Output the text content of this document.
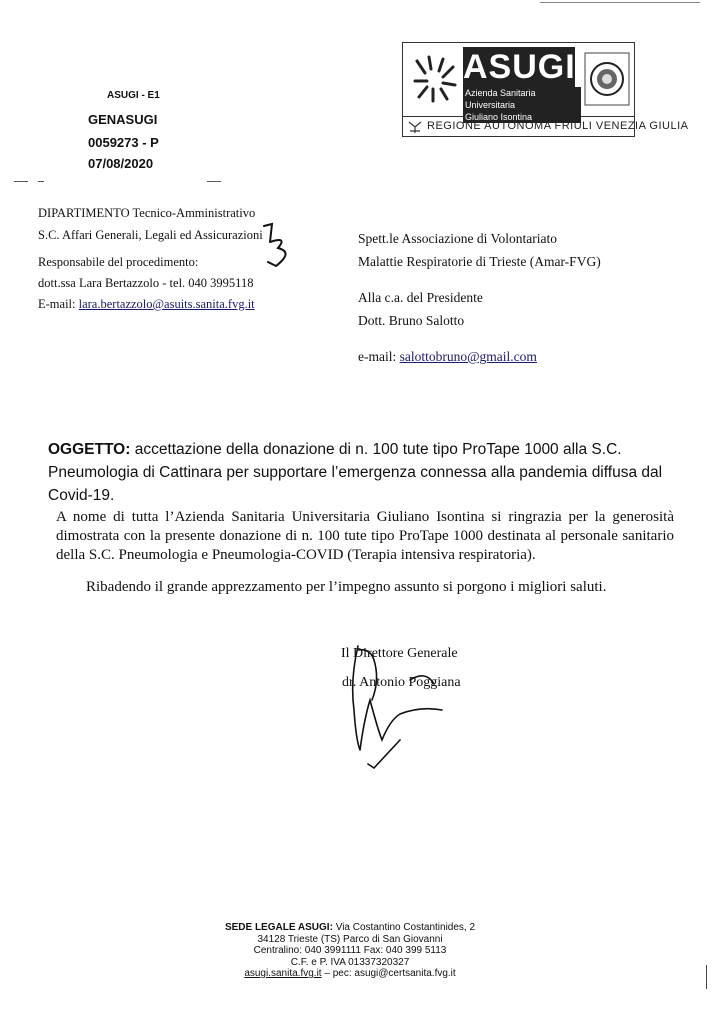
ASUGI - E1
GENASUGI
0059273 - P
07/08/2020
ASUGI
Azienda Sanitaria Universitaria
Giuliano Isontina
REGIONE AUTONOMA FRIULI VENEZIA GIULIA
DIPARTIMENTO Tecnico-Amministrativo
S.C. Affari Generali, Legali ed Assicurazioni
Responsabile del procedimento:
dott.ssa Lara Bertazzolo - tel. 040 3995118
E-mail: lara.bertazzolo@asuits.sanita.fvg.it
Spett.le Associazione di Volontariato
Malattie Respiratorie di Trieste (Amar-FVG)
Alla c.a. del Presidente
Dott. Bruno Salotto
e-mail: salottobruno@gmail.com
OGGETTO: accettazione della donazione di n. 100 tute tipo ProTape 1000 alla S.C. Pneumologia di Cattinara per supportare l’emergenza connessa alla pandemia diffusa dal Covid-19.
A nome di tutta l’Azienda Sanitaria Universitaria Giuliano Isontina si ringrazia per la generosità dimostrata con la presente donazione di n. 100 tute tipo ProTape 1000 destinata al personale sanitario della S.C. Pneumologia e Pneumologia-COVID (Terapia intensiva respiratoria).
Ribadendo il grande apprezzamento per l’impegno assunto si porgono i migliori saluti.
Il Direttore Generale
dr. Antonio Poggiana
SEDE LEGALE ASUGI: Via Costantino Costantinides, 2
34128 Trieste (TS) Parco di San Giovanni
Centralino: 040 3991111 Fax: 040 399 5113
C.F. e P. IVA 01337320327
asugi.sanita.fvg.it – pec: asugi@certsanita.fvg.it
